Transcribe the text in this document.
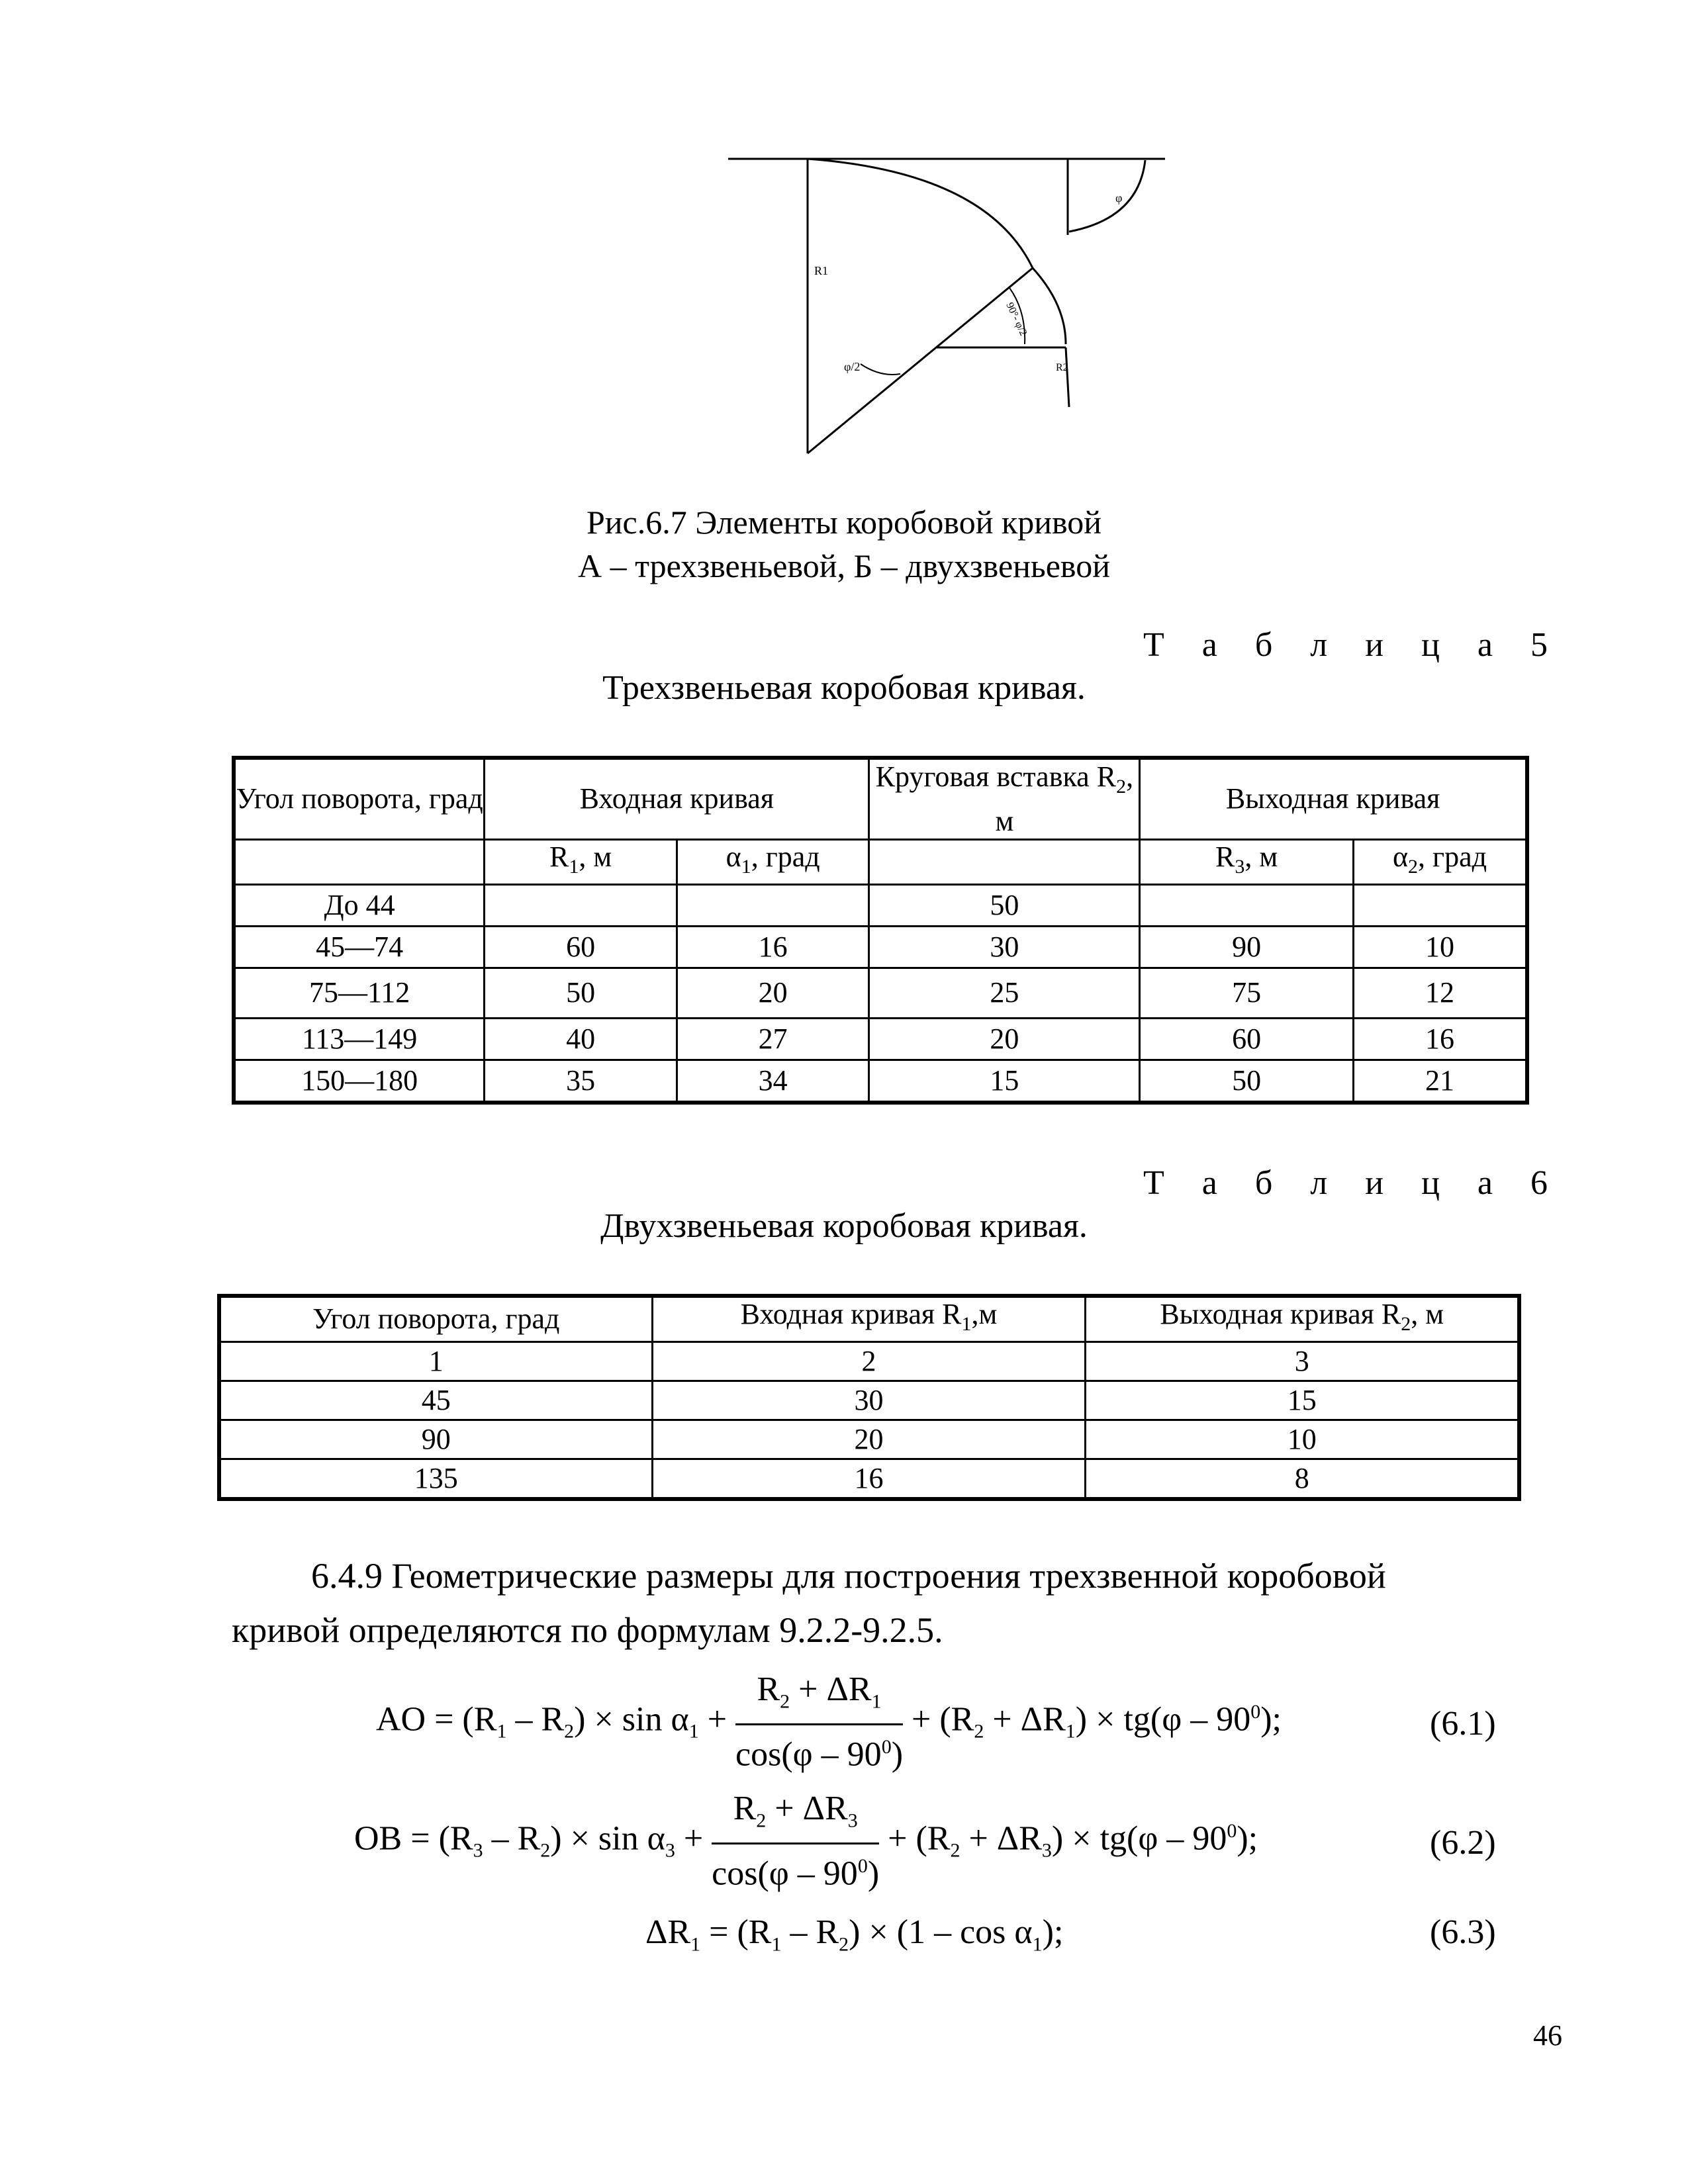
R1
R2
φ
φ/2
90°- φ/2
Рис.6.7 Элементы коробовой кривой
А – трехзвеньевой, Б – двухзвеньевой
Т а б л и ц а 5
Трехзвеньевая коробовая кривая.
Угол поворота, град	Входная кривая		Круговая вставка $R_2$, м	Выходная кривая	
	$R_1$, м	$\alpha_1$, град		$R_3$, м	$\alpha_2$, град
До 44			50		
45—74	60	16	30	90	10
75—112	50	20	25	75	12
113—149	40	27	20	60	16
150—180	35	34	15	50	21
Т а б л и ц а 6
Двухзвеньевая коробовая кривая.
Угол поворота, град	Входная кривая $R_1,м$	Выходная кривая $R_2$, м
1	2	3
45	30	15
90	20	10
135	16	8

6.4.9 Геометрические размеры для построения трехзвенной коробовой

кривой определяются по формулам 9.2.2-9.2.5.

AO = $(R_1 - R_2) \times \sin \alpha_1 + \frac{R_2 + \Delta R_1}{\cos(\varphi - 90^0)} + (R_2 + \Delta R_1) \times tg(\varphi - 90^0)$;	(6.1)
OB = $(R_3 - R_2) \times \sin \alpha_3 + \frac{R_2 + \Delta R_3}{\cos(\varphi - 90^0)} + (R_2 + \Delta R_3) \times tg(\varphi - 90^0)$;	(6.2)
$\Delta R_1 = (R_1 - R_2) \times (1 - \cos \alpha_1)$;	(6.3)
46
